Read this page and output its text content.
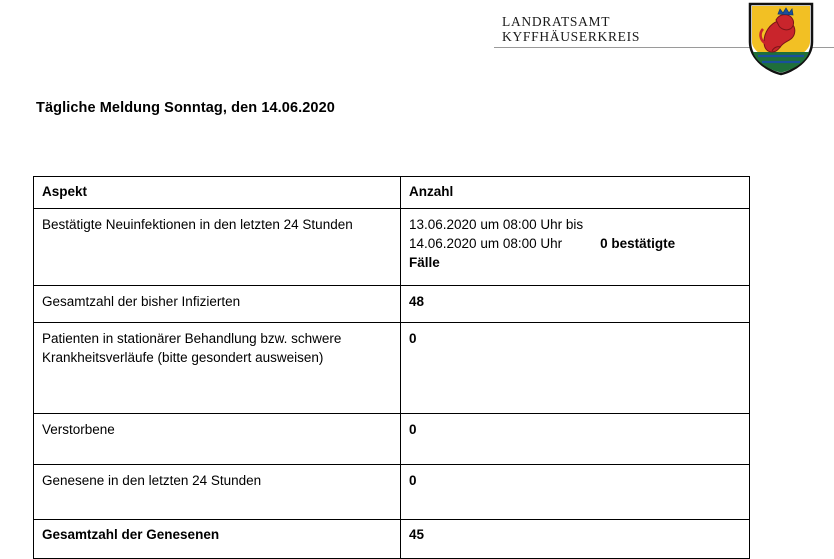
LANDRATSAMT
KYFFHÄUSERKREIS
Tägliche Meldung Sonntag, den 14.06.2020
Aspekt	Anzahl
Bestätigte Neuinfektionen in den letzten 24 Stunden	13.06.2020 um 08:00 Uhr bis
14.06.2020 um 08:00 Uhr 0 bestätigte
Fälle

Gesamtzahl der bisher Infizierten	48
Patienten in stationärer Behandlung bzw. schwere Krankheitsverläufe (bitte gesondert ausweisen)	0
Verstorbene	0
Genesene in den letzten 24 Stunden	0
Gesamtzahl der Genesenen	45
